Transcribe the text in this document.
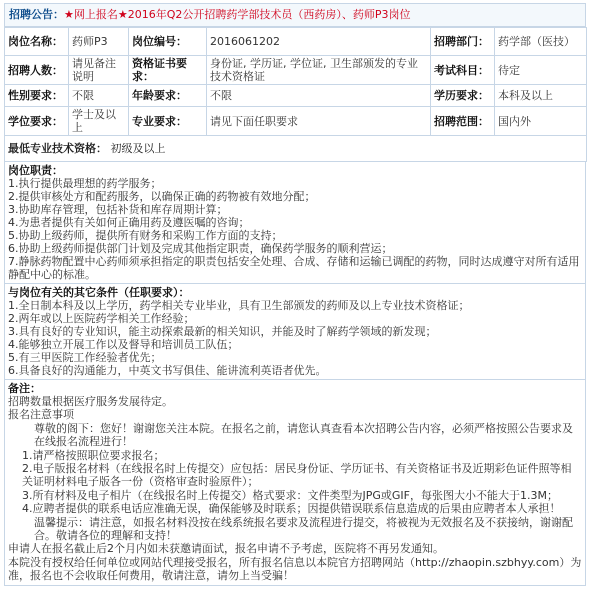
招聘公告：★网上报名★2016年Q2公开招聘药学部技术员（西药房）、药师P3岗位
岗位名称：	药师P3	岗位编号：	2016061202	招聘部门：	药学部（医技）
招聘人数：	请见备注说明	资格证书要求：	身份证, 学历证, 学位证, 卫生部颁发的专业技术资格证	考试科目：	待定
性别要求：	不限	年龄要求：	不限	学历要求：	本科及以上
学位要求：	学士及以上	专业要求：	请见下面任职要求	招聘范围：	国内外
最低专业技术资格： 初级及以上					
岗位职责：
1.执行提供最理想的药学服务；
2.提供审核处方和配药服务，以确保正确的药物被有效地分配；
3.协助库存管理，包括补货和库存周期计算；
4.为患者提供有关如何正确用药及遵医嘱的咨询；
5.协助上级药师，提供所有财务和采购工作方面的支持；
6.协助上级药师提供部门计划及完成其他指定职责，确保药学服务的顺利营运；
7.静脉药物配置中心药师须承担指定的职责包括安全处理、合成、存储和运输已调配的药物，同时达成遵守对所有适用静配中心的标准。
与岗位有关的其它条件（任职要求）：
1.全日制本科及以上学历，药学相关专业毕业，具有卫生部颁发的药师及以上专业技术资格证；
2.两年或以上医院药学相关工作经验；
3.具有良好的专业知识，能主动探索最新的相关知识，并能及时了解药学领域的新发现；
4.能够独立开展工作以及督导和培训员工队伍；
5.有三甲医院工作经验者优先；
6.具备良好的沟通能力，中英文书写俱佳、能讲流利英语者优先。
备注：
招聘数量根据医疗服务发展待定。
报名注意事项
尊敬的阁下：您好！谢谢您关注本院。在报名之前，请您认真查看本次招聘公告内容，必须严格按照公告要求及在线报名流程进行！
1.请严格按照职位要求报名；
2.电子版报名材料（在线报名时上传提交）应包括：居民身份证、学历证书、有关资格证书及近期彩色证件照等相关证明材料电子版各一份（资格审查时验原件）；
3.所有材料及电子相片（在线报名时上传提交）格式要求：文件类型为JPG或GIF，每张图大小不能大于1.3M；
4.应聘者提供的联系电话应准确无误，确保能够及时联系；因提供错误联系信息造成的后果由应聘者本人承担！
温馨提示：请注意，如报名材料没按在线系统报名要求及流程进行提交，将被视为无效报名及不获接纳，谢谢配合。敬请各位的理解和支持！
申请人在报名截止后2个月内如未获邀请面试，报名申请不予考虑，医院将不再另发通知。
本院没有授权给任何单位或网站代理接受报名，所有报名信息以本院官方招聘网站（http://zhaopin.szbhyy.com）为准，报名也不会收取任何费用，敬请注意，请勿上当受骗！
